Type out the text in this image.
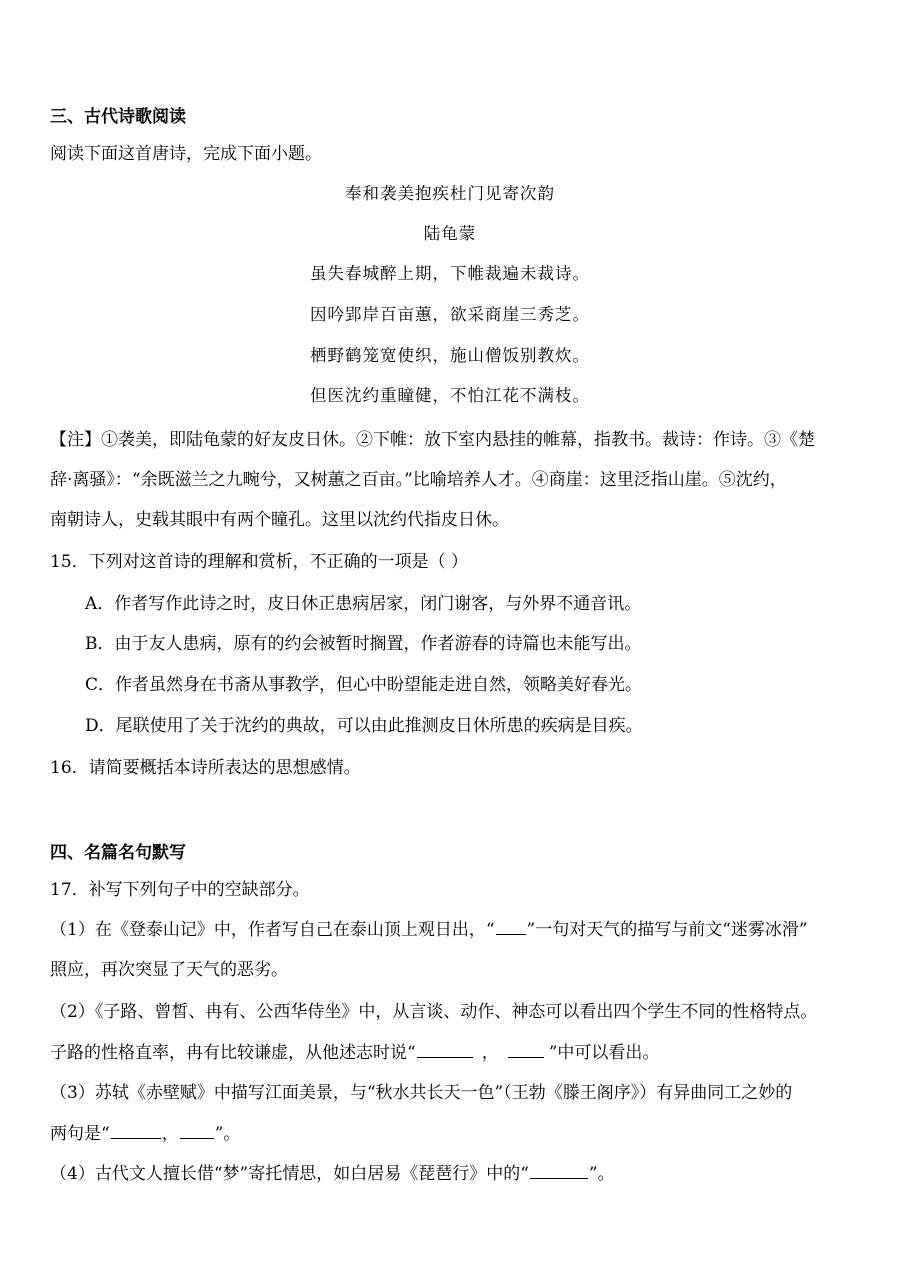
三、古代诗歌阅读
阅读下面这首唐诗，完成下面小题。
奉和袭美抱疾杜门见寄次韵
陆龟蒙
虽失春城醉上期，下帷裁遍未裁诗。
因吟郢岸百亩蕙，欲采商崖三秀芝。
栖野鹤笼宽使织，施山僧饭别教炊。
但医沈约重瞳健，不怕江花不满枝。
【注】①袭美，即陆龟蒙的好友皮日休。②下帷：放下室内悬挂的帷幕，指教书。裁诗：作诗。③《楚
辞·离骚》：“余既滋兰之九畹兮，又树蕙之百亩。”比喻培养人才。④商崖：这里泛指山崖。⑤沈约，
南朝诗人，史载其眼中有两个瞳孔。这里以沈约代指皮日休。
15．下列对这首诗的理解和赏析，不正确的一项是（ ）
A．作者写作此诗之时，皮日休正患病居家，闭门谢客，与外界不通音讯。
B．由于友人患病，原有的约会被暂时搁置，作者游春的诗篇也未能写出。
C．作者虽然身在书斋从事教学，但心中盼望能走进自然，领略美好春光。
D．尾联使用了关于沈约的典故，可以由此推测皮日休所患的疾病是目疾。
16．请简要概括本诗所表达的思想感情。
四、名篇名句默写
17．补写下列句子中的空缺部分。
（1）在《登泰山记》中，作者写自己在泰山顶上观日出，“ ”一句对天气的描写与前文“迷雾冰滑”
照应，再次突显了天气的恶劣。
（2）《子路、曾皙、冉有、公西华侍坐》中，从言谈、动作、神态可以看出四个学生不同的性格特点。
子路的性格直率，冉有比较谦虚，从他述志时说“	，	”中可以看出。
（3）苏轼《赤壁赋》中描写江面美景，与“秋水共长天一色”（王勃《滕王阁序》）有异曲同工之妙的
两句是“	， ”。
（4）古代文人擅长借“梦”寄托情思，如白居易《琵琶行》中的“	”。
